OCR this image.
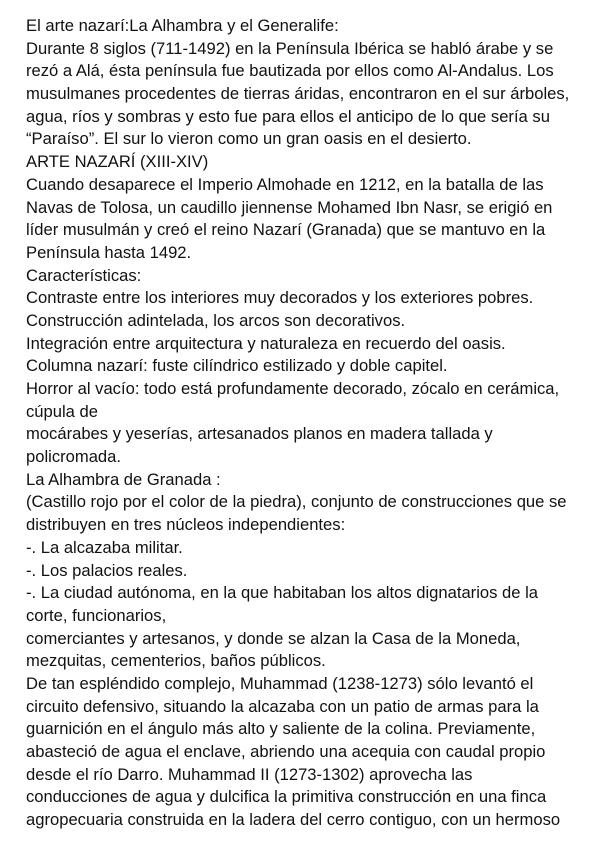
El arte nazarí:La Alhambra y el Generalife:
Durante 8 siglos (711-1492) en la Península Ibérica se habló árabe y se
rezó a Alá, ésta península fue bautizada por ellos como Al-Andalus. Los
musulmanes procedentes de tierras áridas, encontraron en el sur árboles,
agua, ríos y sombras y esto fue para ellos el anticipo de lo que sería su
“Paraíso”. El sur lo vieron como un gran oasis en el desierto.
ARTE NAZARÍ (XIII-XIV)
Cuando desaparece el Imperio Almohade en 1212, en la batalla de las
Navas de Tolosa, un caudillo jiennense Mohamed Ibn Nasr, se erigió en
líder musulmán y creó el reino Nazarí (Granada) que se mantuvo en la
Península hasta 1492.
Características:
Contraste entre los interiores muy decorados y los exteriores pobres.
Construcción adintelada, los arcos son decorativos.
Integración entre arquitectura y naturaleza en recuerdo del oasis.
Columna nazarí: fuste cilíndrico estilizado y doble capitel.
Horror al vacío: todo está profundamente decorado, zócalo en cerámica,
cúpula de
mocárabes y yeserías, artesanados planos en madera tallada y
policromada.
La Alhambra de Granada :
(Castillo rojo por el color de la piedra), conjunto de construcciones que se
distribuyen en tres núcleos independientes:
-. La alcazaba militar.
-. Los palacios reales.
-. La ciudad autónoma, en la que habitaban los altos dignatarios de la
corte, funcionarios,
comerciantes y artesanos, y donde se alzan la Casa de la Moneda,
mezquitas, cementerios, baños públicos.
De tan espléndido complejo, Muhammad (1238-1273) sólo levantó el
circuito defensivo, situando la alcazaba con un patio de armas para la
guarnición en el ángulo más alto y saliente de la colina. Previamente,
abasteció de agua el enclave, abriendo una acequia con caudal propio
desde el río Darro. Muhammad II (1273-1302) aprovecha las
conducciones de agua y dulcifica la primitiva construcción en una finca
agropecuaria construida en la ladera del cerro contiguo, con un hermoso
